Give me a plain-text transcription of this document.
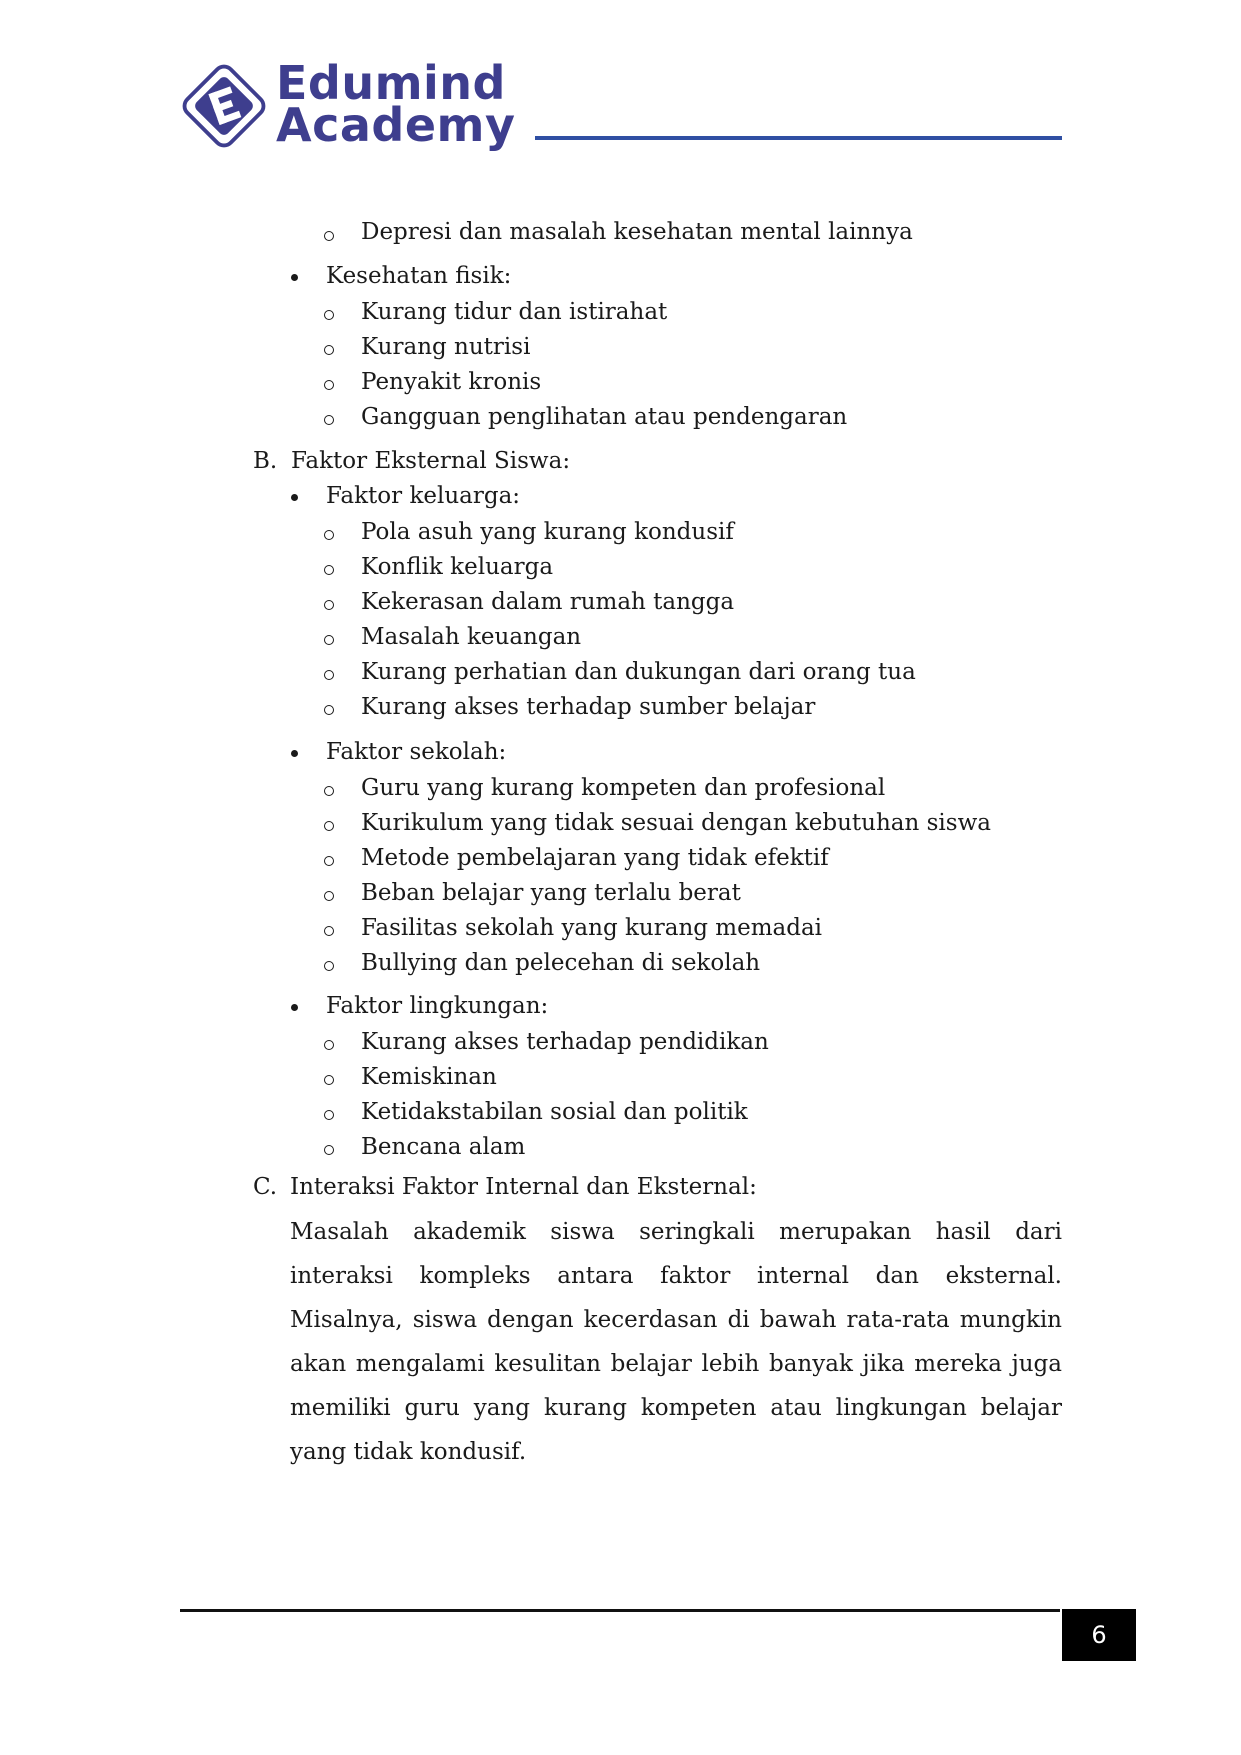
Edumind
Academy
Depresi dan masalah kesehatan mental lainnya
Kesehatan fisik:
Kurang tidur dan istirahat
Kurang nutrisi
Penyakit kronis
Gangguan penglihatan atau pendengaran
B. Faktor Eksternal Siswa:
Faktor keluarga:
Pola asuh yang kurang kondusif
Konflik keluarga
Kekerasan dalam rumah tangga
Masalah keuangan
Kurang perhatian dan dukungan dari orang tua
Kurang akses terhadap sumber belajar
Faktor sekolah:
Guru yang kurang kompeten dan profesional
Kurikulum yang tidak sesuai dengan kebutuhan siswa
Metode pembelajaran yang tidak efektif
Beban belajar yang terlalu berat
Fasilitas sekolah yang kurang memadai
Bullying dan pelecehan di sekolah
Faktor lingkungan:
Kurang akses terhadap pendidikan
Kemiskinan
Ketidakstabilan sosial dan politik
Bencana alam
C. Interaksi Faktor Internal dan Eksternal:
Masalah akademik siswa seringkali merupakan hasil dari interaksi kompleks antara faktor internal dan eksternal. Misalnya, siswa dengan kecerdasan di bawah rata-rata mungkin akan mengalami kesulitan belajar lebih banyak jika mereka juga memiliki guru yang kurang kompeten atau lingkungan belajar yang tidak kondusif.
6
